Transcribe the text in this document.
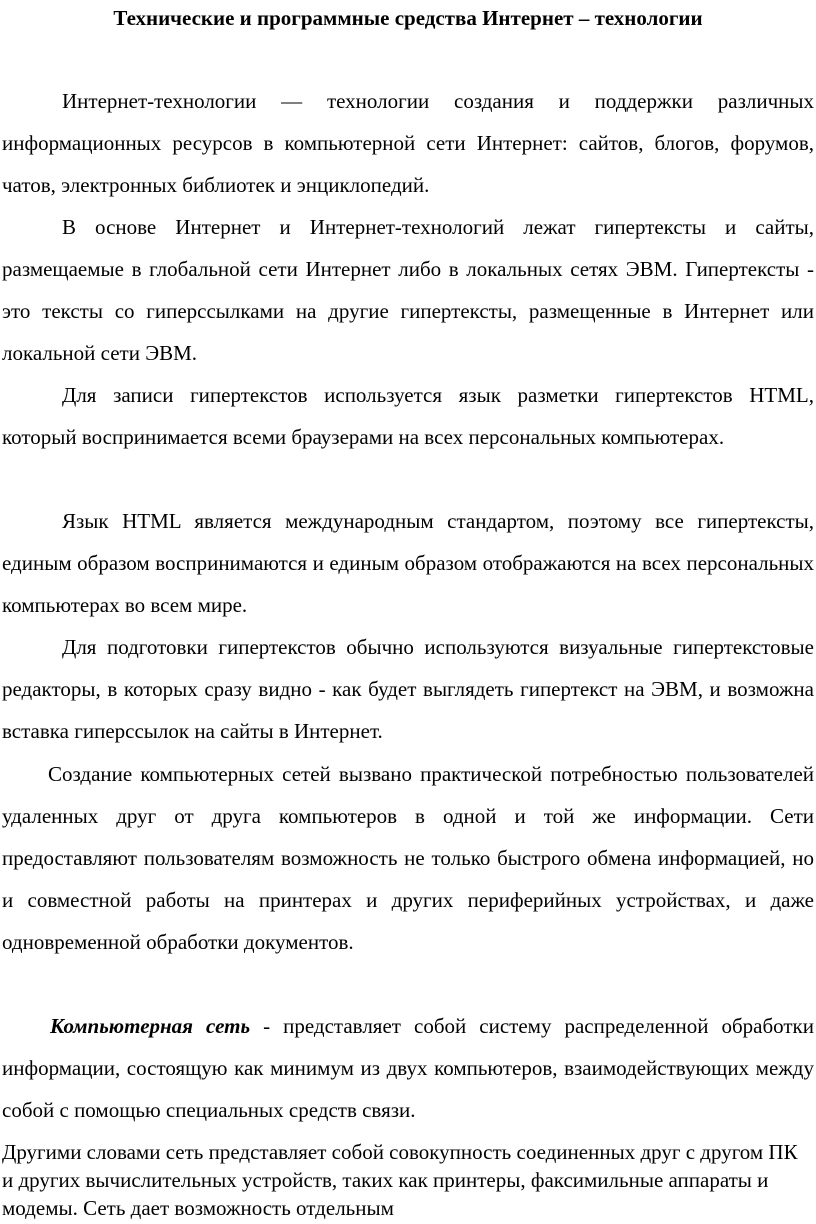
Технические и программные средства Интернет – технологии

Интернет-технологии — технологии создания и поддержки различных информационных ресурсов в компьютерной сети Интернет: сайтов, блогов, форумов, чатов, электронных библиотек и энциклопедий.

В основе Интернет и Интернет-технологий лежат гипертексты и сайты, размещаемые в глобальной сети Интернет либо в локальных сетях ЭВМ. Гипертексты - это тексты со гиперссылками на другие гипертексты, размещенные в Интернет или локальной сети ЭВМ.

Для записи гипертекстов используется язык разметки гипертекстов HTML, который воспринимается всеми браузерами на всех персональных компьютерах.

Язык HTML является международным стандартом, поэтому все гипертексты, единым образом воспринимаются и единым образом отображаются на всех персональных компьютерах во всем мире.

Для подготовки гипертекстов обычно используются визуальные гипертекстовые редакторы, в которых сразу видно - как будет выглядеть гипертекст на ЭВМ, и возможна вставка гиперссылок на сайты в Интернет.

Создание компьютерных сетей вызвано практической потребностью пользователей удаленных друг от друга компьютеров в одной и той же информации. Сети предоставляют пользователям возможность не только быстрого обмена информацией, но и совместной работы на принтерах и других периферийных устройствах, и даже одновременной обработки документов.

Компьютерная сеть - представляет собой систему распределенной обработки информации, состоящую как минимум из двух компьютеров, взаимодействующих между собой с помощью специальных средств связи.

Другими словами сеть представляет собой совокупность соединенных друг с другом ПК и других вычислительных устройств, таких как принтеры, факсимильные аппараты и модемы. Сеть дает возможность отдельным
